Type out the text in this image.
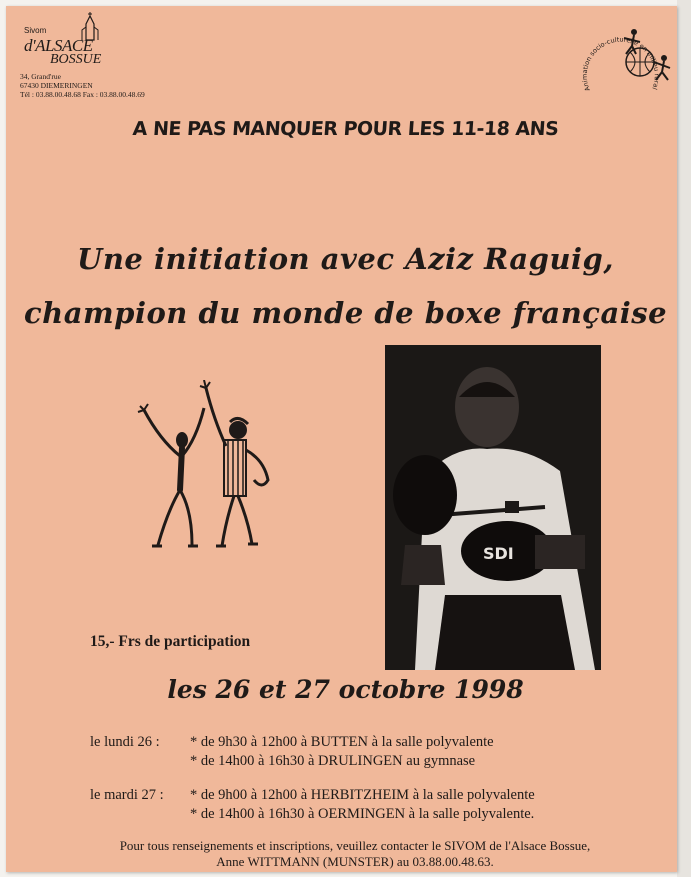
Sivom
d'ALSACE
BOSSUE
34, Grand'rue
67430 DIEMERINGEN
Tél : 03.88.00.48.68 Fax : 03.88.00.48.69
Animation socio-culturelle en milieu rural
A NE PAS MANQUER POUR LES 11-18 ANS
Une initiation avec Aziz Raguig,
champion du monde de boxe française
SDI
15,- Frs de participation
les 26 et 27 octobre 1998
le lundi 26 : * de 9h30 à 12h00 à BUTTEN à la salle polyvalente
* de 14h00 à 16h30 à DRULINGEN au gymnase
le mardi 27 : * de 9h00 à 12h00 à HERBITZHEIM à la salle polyvalente
* de 14h00 à 16h30 à OERMINGEN à la salle polyvalente.
Pour tous renseignements et inscriptions, veuillez contacter le SIVOM de l'Alsace Bossue,
Anne WITTMANN (MUNSTER) au 03.88.00.48.63.
